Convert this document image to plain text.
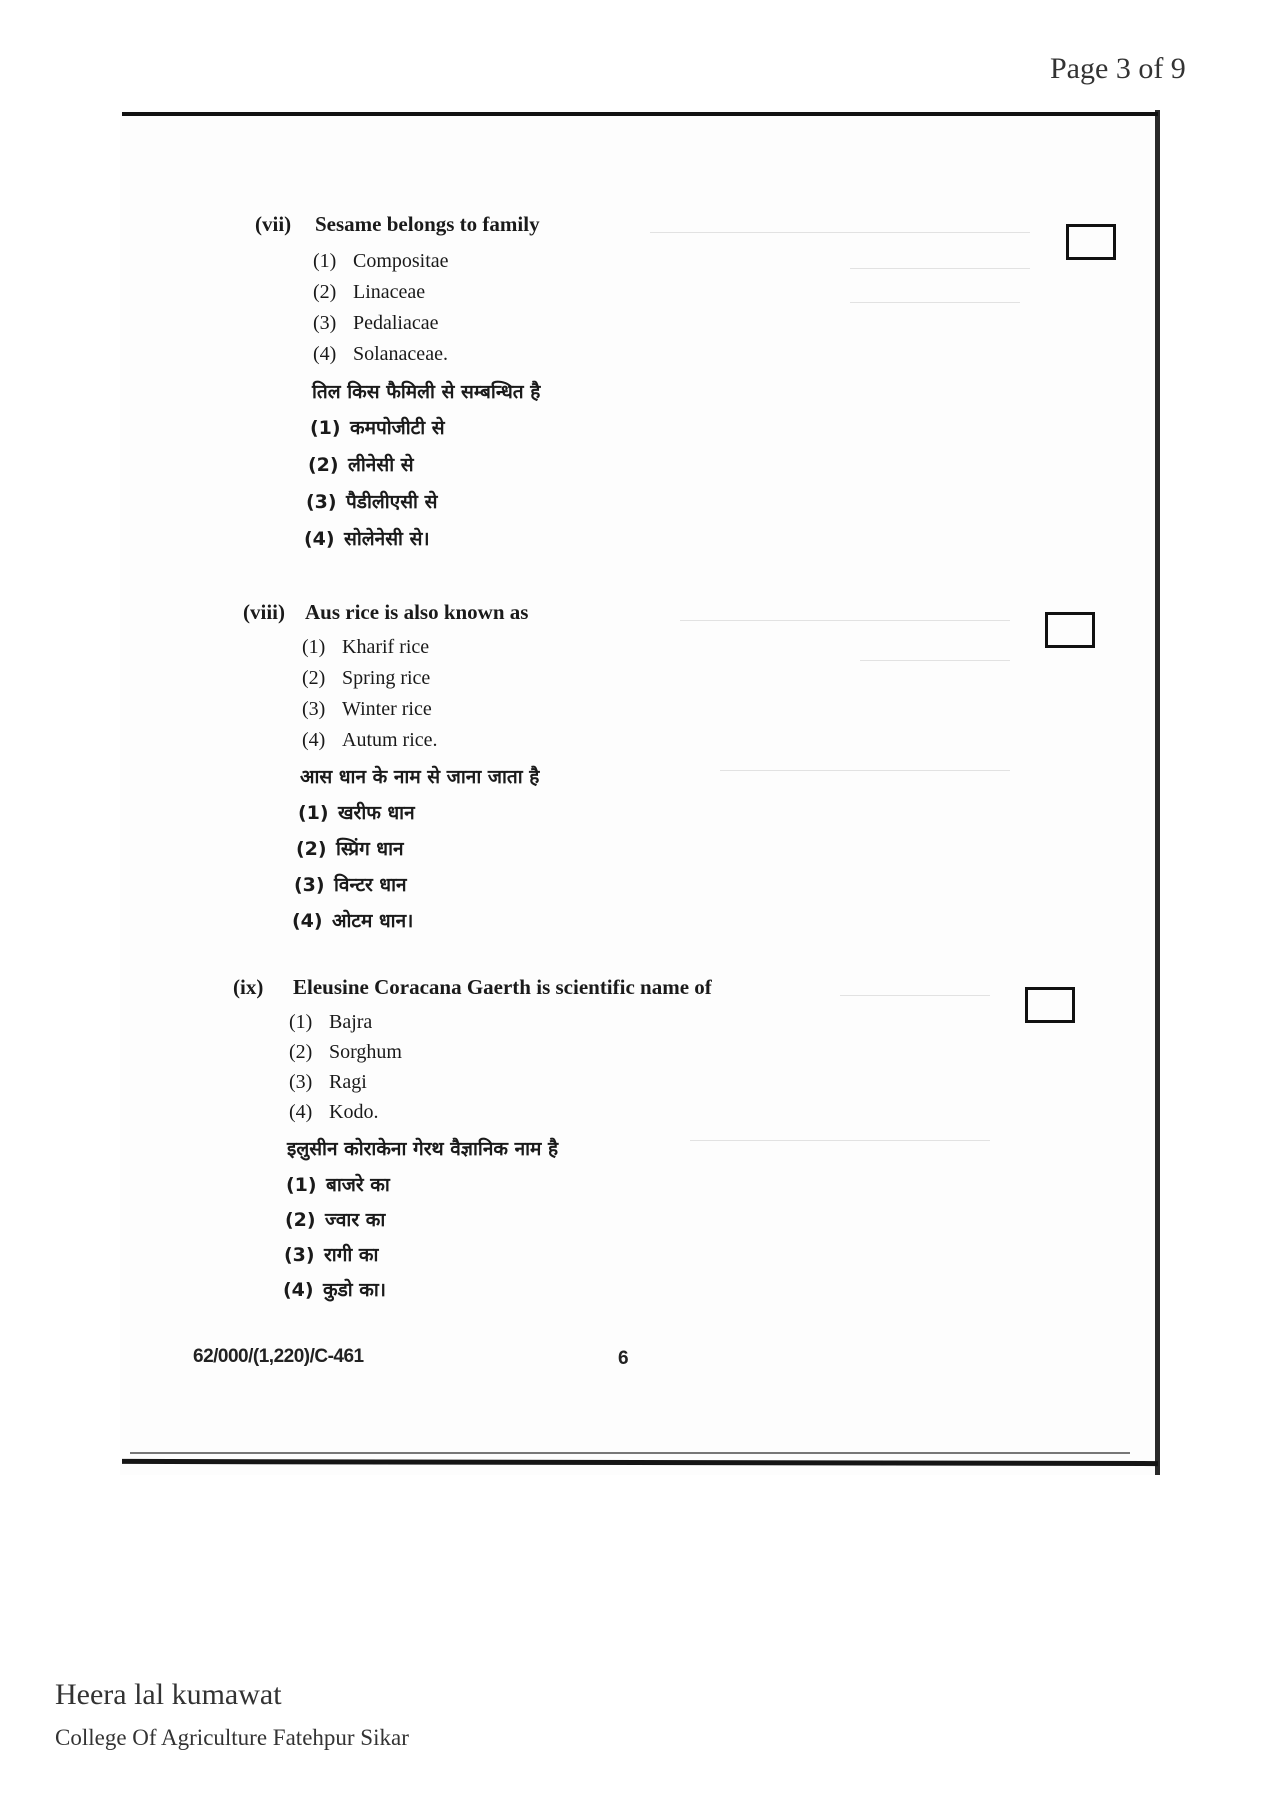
Page 3 of 9
(vii) Sesame belongs to family
(1) Compositae
(2) Linaceae
(3) Pedaliacae
(4) Solanaceae.
तिल किस फैमिली से सम्बन्धित है
(1) कमपोजीटी से
(2) लीनेसी से
(3) पैडीलीएसी से
(4) सोलेनेसी से।
(viii) Aus rice is also known as
(1) Kharif rice
(2) Spring rice
(3) Winter rice
(4) Autum rice.
आस धान के नाम से जाना जाता है
(1) खरीफ धान
(2) स्प्रिंग धान
(3) विन्टर धान
(4) ओटम धान।
(ix) Eleusine Coracana Gaerth is scientific name of
(1) Bajra
(2) Sorghum
(3) Ragi
(4) Kodo.
इलुसीन कोराकेना गेरथ वैज्ञानिक नाम है
(1) बाजरे का
(2) ज्वार का
(3) रागी का
(4) कुडो का।
62/000/(1,220)/C-461	6
Heera lal kumawat
College Of Agriculture Fatehpur Sikar
